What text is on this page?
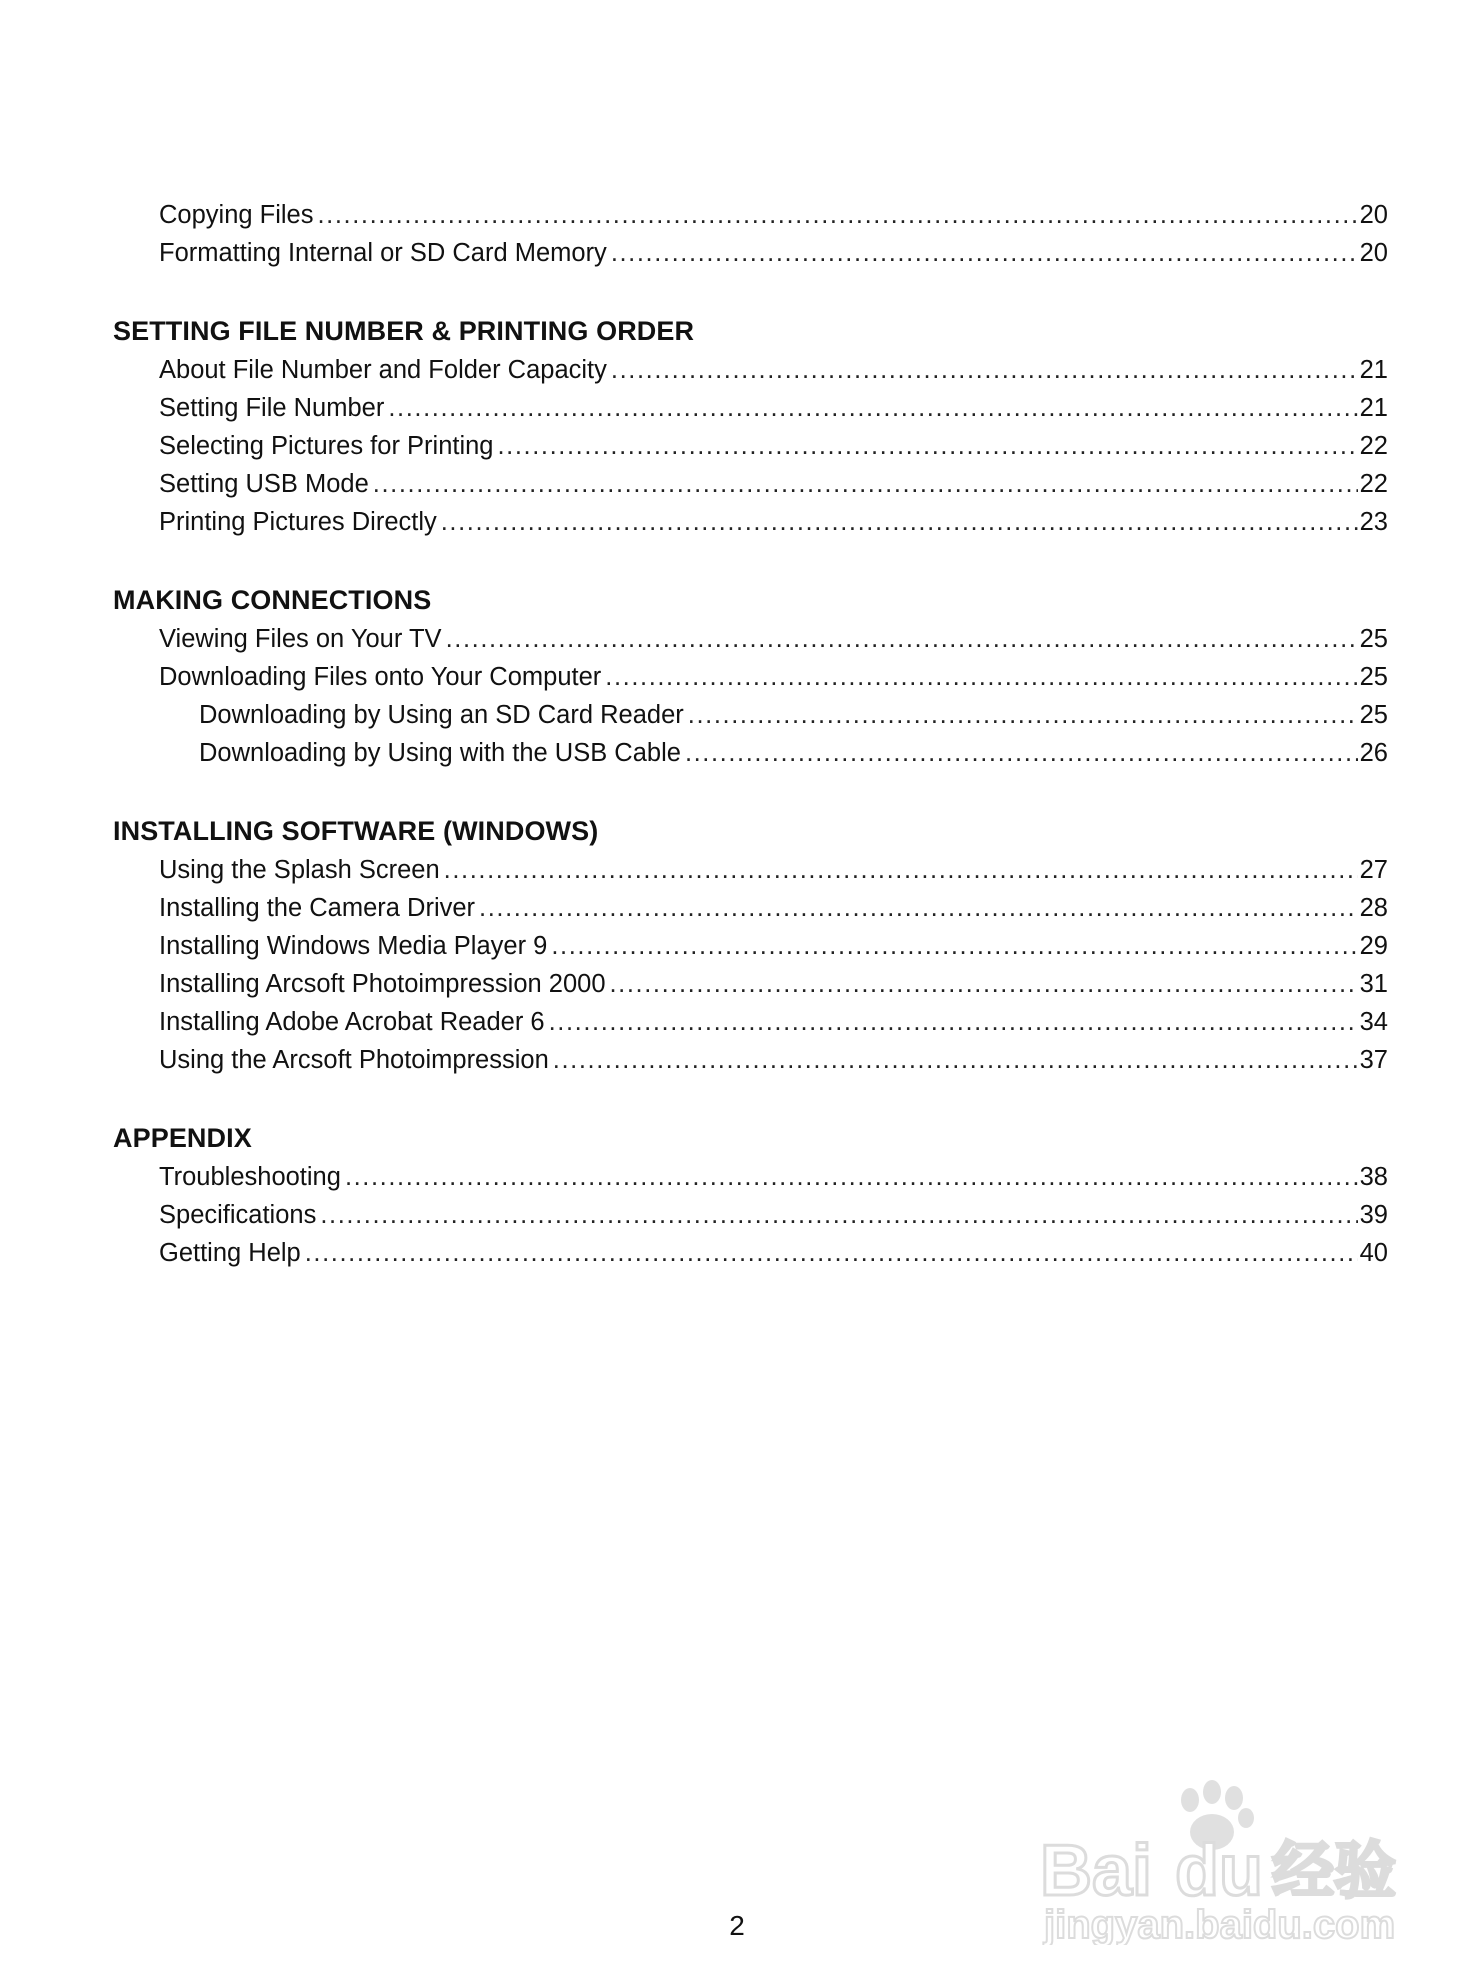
Copying Files .....	20
Formatting Internal or SD Card Memory .....	20
SETTING FILE NUMBER & PRINTING ORDER
About File Number and Folder Capacity .....	21
Setting File Number .....	21
Selecting Pictures for Printing .....	22
Setting USB Mode .....	22
Printing Pictures Directly .....	23
MAKING CONNECTIONS
Viewing Files on Your TV .....	25
Downloading Files onto Your Computer .....	25
Downloading by Using an SD Card Reader .....	25
Downloading by Using with the USB Cable .....	26
INSTALLING SOFTWARE (WINDOWS)
Using the Splash Screen .....	27
Installing the Camera Driver .....	28
Installing Windows Media Player 9 .....	29
Installing Arcsoft Photoimpression 2000 .....	31
Installing Adobe Acrobat Reader 6 .....	34
Using the Arcsoft Photoimpression .....	37
APPENDIX
Troubleshooting .....	38
Specifications .....	39
Getting Help .....	40
2
Bai du 经验
jingyan.baidu.com
